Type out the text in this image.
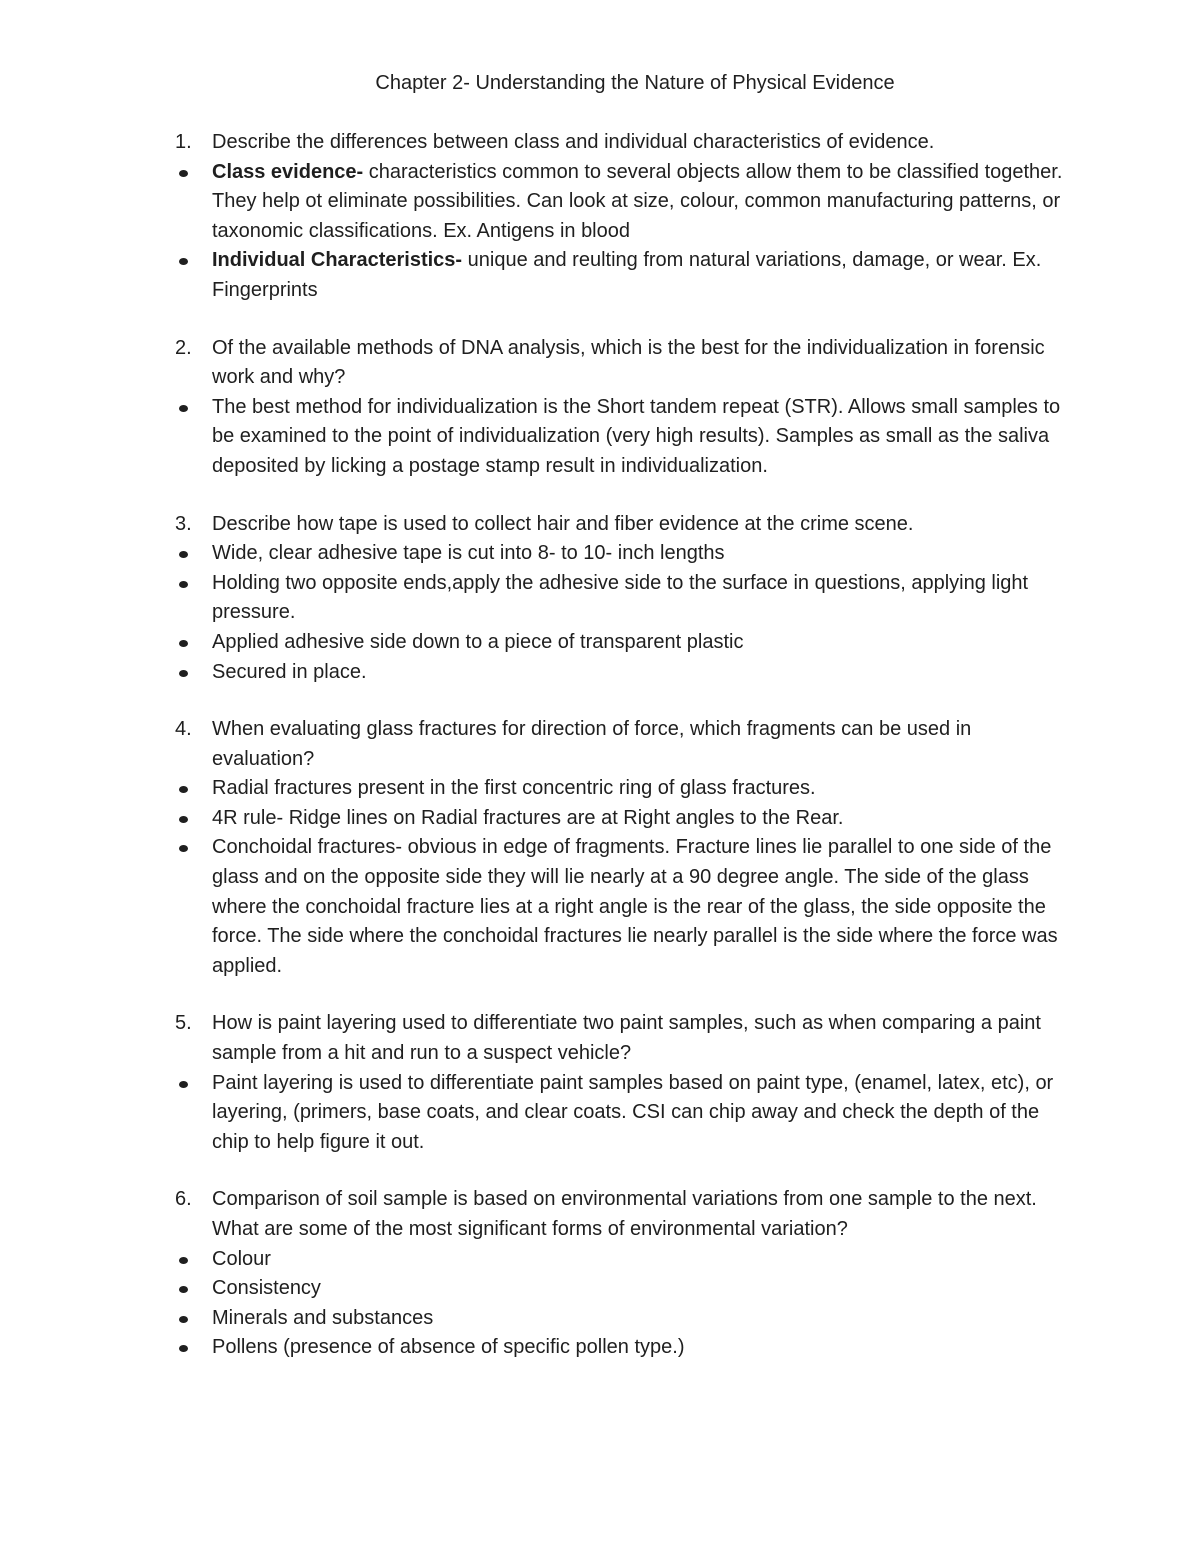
Chapter 2- Understanding the Nature of Physical Evidence
1. Describe the differences between class and individual characteristics of evidence.
Class evidence- characteristics common to several objects allow them to be classified together. They help ot eliminate possibilities. Can look at size, colour, common manufacturing patterns, or taxonomic classifications. Ex. Antigens in blood
Individual Characteristics- unique and reulting from natural variations, damage, or wear. Ex. Fingerprints
2. Of the available methods of DNA analysis, which is the best for the individualization in forensic work and why?
The best method for individualization is the Short tandem repeat (STR). Allows small samples to be examined to the point of individualization (very high results). Samples as small as the saliva deposited by licking a postage stamp result in individualization.
3. Describe how tape is used to collect hair and fiber evidence at the crime scene.
Wide, clear adhesive tape is cut into 8- to 10- inch lengths
Holding two opposite ends,apply the adhesive side to the surface in questions, applying light pressure.
Applied adhesive side down to a piece of transparent plastic
Secured in place.
4. When evaluating glass fractures for direction of force, which fragments can be used in evaluation?
Radial fractures present in the first concentric ring of glass fractures.
4R rule- Ridge lines on Radial fractures are at Right angles to the Rear.
Conchoidal fractures- obvious in edge of fragments. Fracture lines lie parallel to one side of the glass and on the opposite side they will lie nearly at a 90 degree angle. The side of the glass where the conchoidal fracture lies at a right angle is the rear of the glass, the side opposite the force. The side where the conchoidal fractures lie nearly parallel is the side where the force was applied.
5. How is paint layering used to differentiate two paint samples, such as when comparing a paint sample from a hit and run to a suspect vehicle?
Paint layering is used to differentiate paint samples based on paint type, (enamel, latex, etc), or layering, (primers, base coats, and clear coats. CSI can chip away and check the depth of the chip to help figure it out.
6. Comparison of soil sample is based on environmental variations from one sample to the next. What are some of the most significant forms of environmental variation?
Colour
Consistency
Minerals and substances
Pollens (presence of absence of specific pollen type.)
